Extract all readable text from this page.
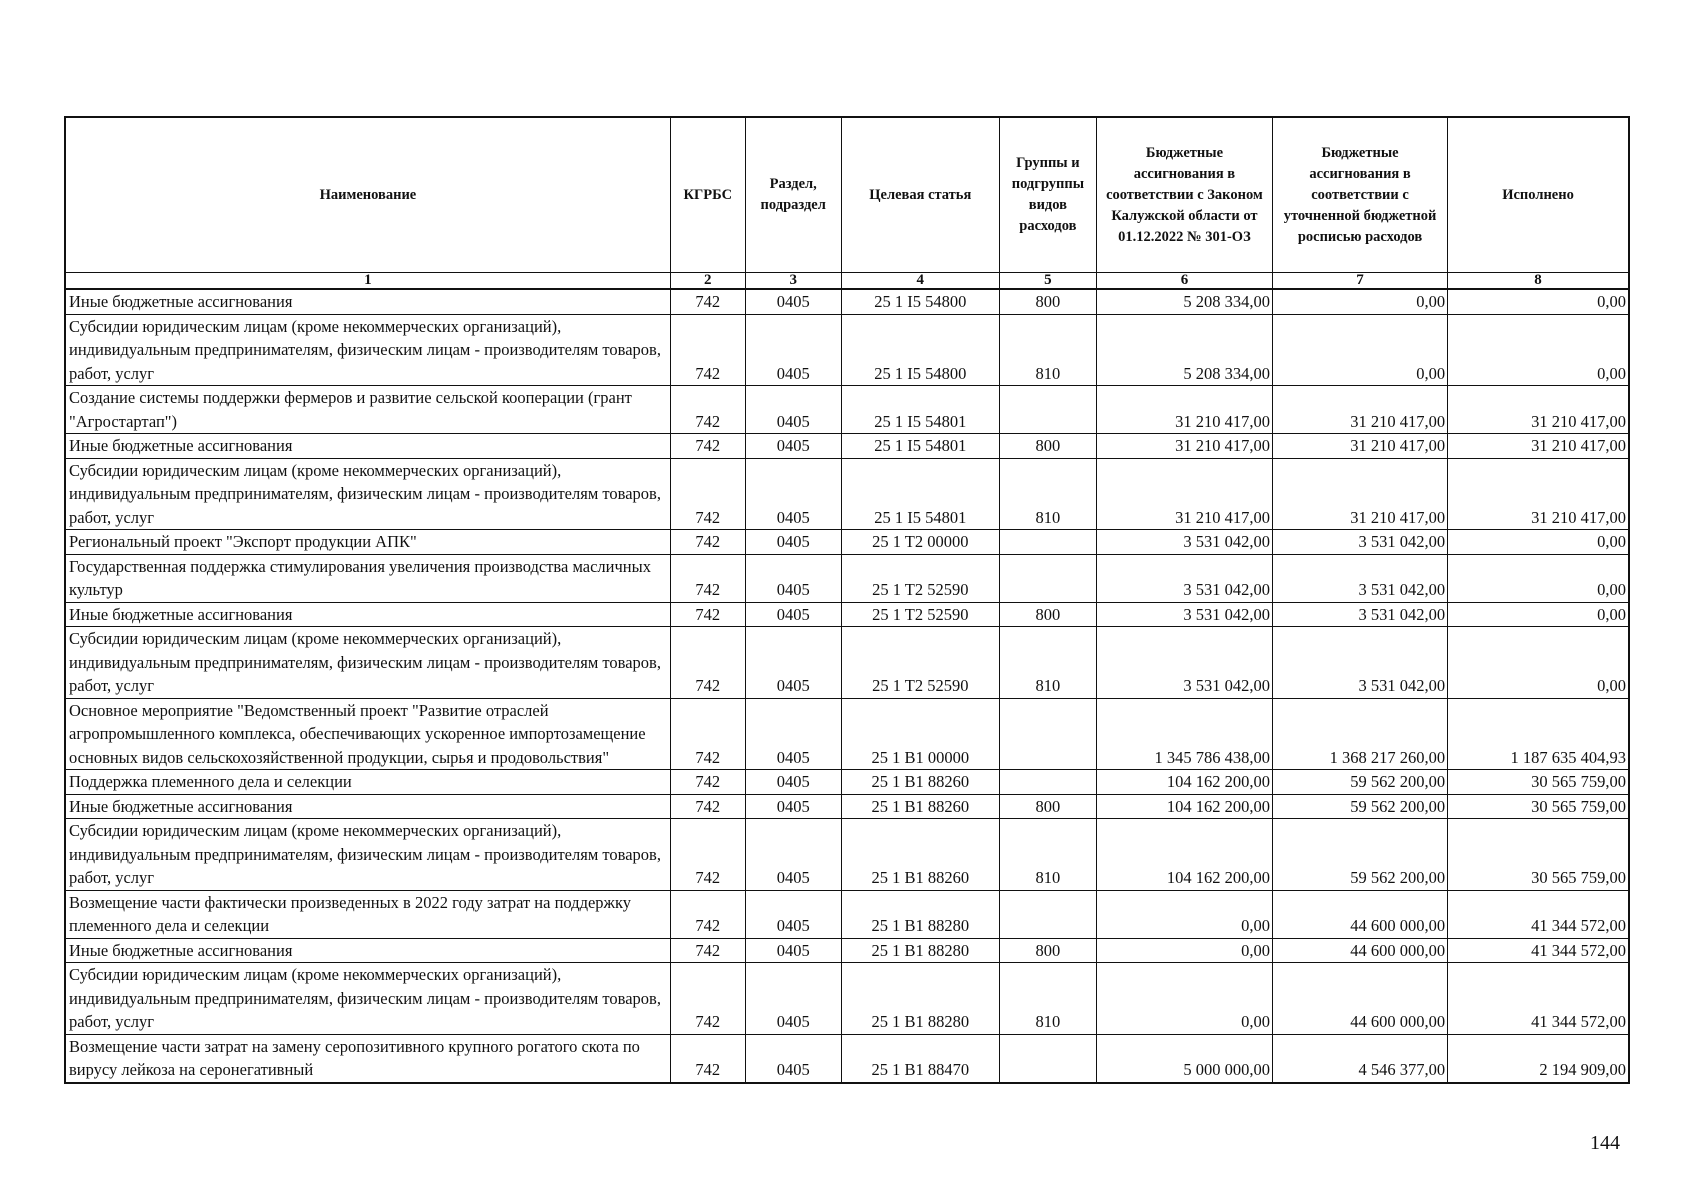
Наименование	КГРБС	Раздел, подраздел	Целевая статья	Группы и подгруппы видов расходов	Бюджетные ассигнования в соответствии с Законом Калужской области от 01.12.2022 № 301-ОЗ	Бюджетные ассигнования в соответствии с уточненной бюджетной росписью расходов	Исполнено
1	2	3	4	5	6	7	8
Иные бюджетные ассигнования	742	0405	25 1 I5 54800	800	5 208 334,00	0,00	0,00
Субсидии юридическим лицам (кроме некоммерческих организаций), индивидуальным предпринимателям, физическим лицам - производителям товаров, работ, услуг	742	0405	25 1 I5 54800	810	5 208 334,00	0,00	0,00
Создание системы поддержки фермеров и развитие сельской кооперации (грант "Агростартап")	742	0405	25 1 I5 54801		31 210 417,00	31 210 417,00	31 210 417,00
Иные бюджетные ассигнования	742	0405	25 1 I5 54801	800	31 210 417,00	31 210 417,00	31 210 417,00
Субсидии юридическим лицам (кроме некоммерческих организаций), индивидуальным предпринимателям, физическим лицам - производителям товаров, работ, услуг	742	0405	25 1 I5 54801	810	31 210 417,00	31 210 417,00	31 210 417,00
Региональный проект "Экспорт продукции АПК"	742	0405	25 1 T2 00000		3 531 042,00	3 531 042,00	0,00
Государственная поддержка стимулирования увеличения производства масличных культур	742	0405	25 1 T2 52590		3 531 042,00	3 531 042,00	0,00
Иные бюджетные ассигнования	742	0405	25 1 T2 52590	800	3 531 042,00	3 531 042,00	0,00
Субсидии юридическим лицам (кроме некоммерческих организаций), индивидуальным предпринимателям, физическим лицам - производителям товаров, работ, услуг	742	0405	25 1 T2 52590	810	3 531 042,00	3 531 042,00	0,00
Основное мероприятие "Ведомственный проект "Развитие отраслей агропромышленного комплекса, обеспечивающих ускоренное импортозамещение основных видов сельскохозяйственной продукции, сырья и продовольствия"	742	0405	25 1 B1 00000		1 345 786 438,00	1 368 217 260,00	1 187 635 404,93
Поддержка племенного дела и селекции	742	0405	25 1 B1 88260		104 162 200,00	59 562 200,00	30 565 759,00
Иные бюджетные ассигнования	742	0405	25 1 B1 88260	800	104 162 200,00	59 562 200,00	30 565 759,00
Субсидии юридическим лицам (кроме некоммерческих организаций), индивидуальным предпринимателям, физическим лицам - производителям товаров, работ, услуг	742	0405	25 1 B1 88260	810	104 162 200,00	59 562 200,00	30 565 759,00
Возмещение части фактически произведенных в 2022 году затрат на поддержку племенного дела и селекции	742	0405	25 1 B1 88280		0,00	44 600 000,00	41 344 572,00
Иные бюджетные ассигнования	742	0405	25 1 B1 88280	800	0,00	44 600 000,00	41 344 572,00
Субсидии юридическим лицам (кроме некоммерческих организаций), индивидуальным предпринимателям, физическим лицам - производителям товаров, работ, услуг	742	0405	25 1 B1 88280	810	0,00	44 600 000,00	41 344 572,00
Возмещение части затрат на замену серопозитивного крупного рогатого скота по вирусу лейкоза на серонегативный	742	0405	25 1 B1 88470		5 000 000,00	4 546 377,00	2 194 909,00
144
